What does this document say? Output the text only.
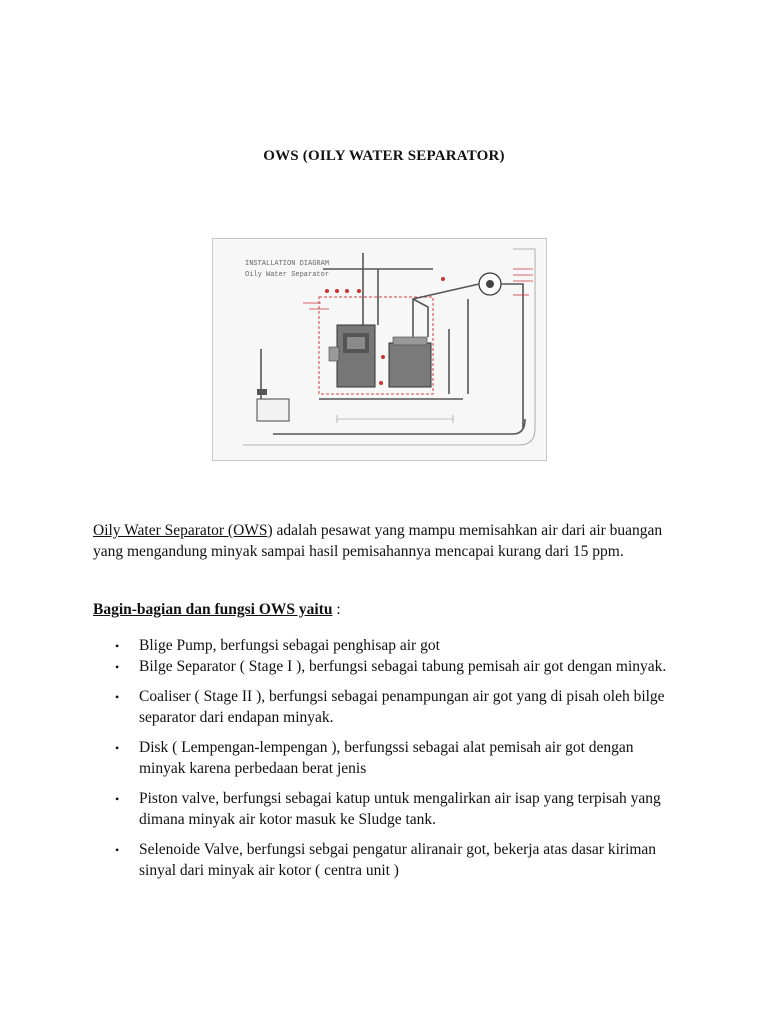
OWS (OILY WATER SEPARATOR)
INSTALLATION DIAGRAM
Oily Water Separator
Oily Water Separator (OWS) adalah pesawat yang mampu memisahkan air dari air buangan yang mengandung minyak sampai hasil pemisahannya mencapai kurang dari 15 ppm.
Bagin-bagian dan fungsi OWS yaitu :
• Blige Pump, berfungsi sebagai penghisap air got
• Bilge Separator ( Stage I ), berfungsi sebagai tabung pemisah air got dengan minyak.
• Coaliser ( Stage II ), berfungsi sebagai penampungan air got yang di pisah oleh bilge separator dari endapan minyak.
• Disk ( Lempengan-lempengan ), berfungssi sebagai alat pemisah air got dengan minyak karena perbedaan berat jenis
• Piston valve, berfungsi sebagai katup untuk mengalirkan air isap yang terpisah yang dimana minyak air kotor masuk ke Sludge tank.
• Selenoide Valve, berfungsi sebgai pengatur aliranair got, bekerja atas dasar kiriman sinyal dari minyak air kotor ( centra unit )
